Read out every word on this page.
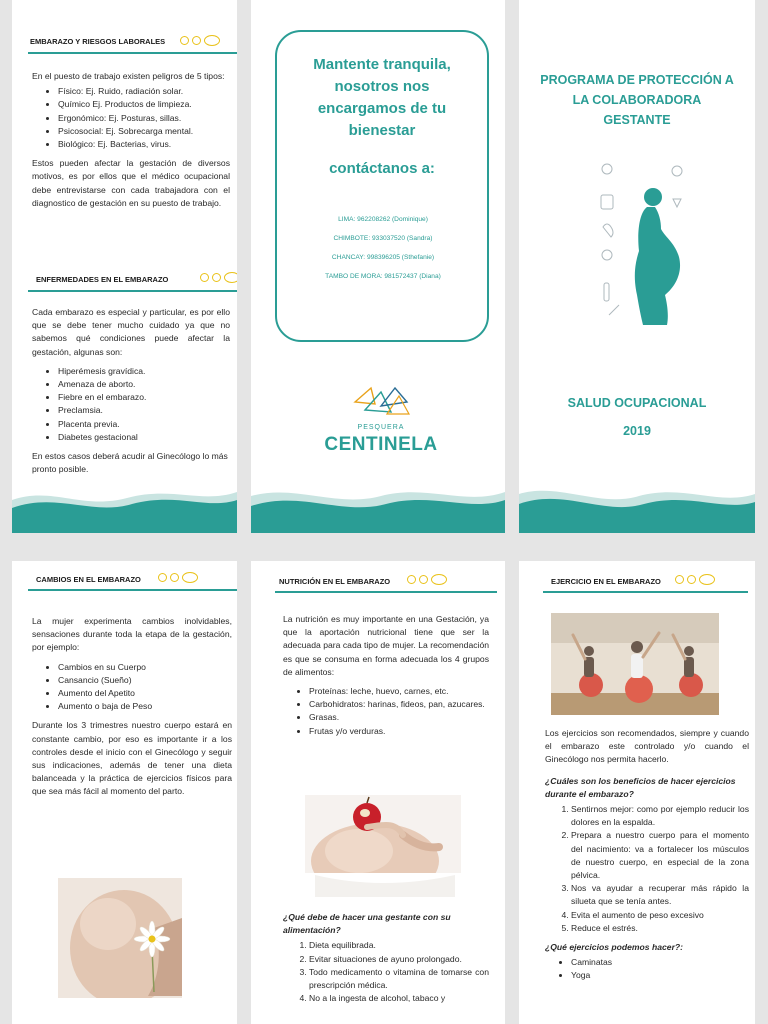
EMBARAZO Y RIESGOS LABORALES

En el puesto de trabajo existen peligros de 5 tipos:

• Físico: Ej. Ruido, radiación solar.
• Químico Ej. Productos de limpieza.
• Ergonómico: Ej. Posturas, sillas.
• Psicosocial: Ej. Sobrecarga mental.
• Biológico: Ej. Bacterias, virus.

Estos pueden afectar la gestación de diversos motivos, es por ellos que el médico ocupacional debe entrevistarse con cada trabajadora con el diagnostico de gestación en su puesto de trabajo.

ENFERMEDADES EN EL EMBARAZO

Cada embarazo es especial y particular, es por ello que se debe tener mucho cuidado ya que no sabemos qué condiciones puede afectar la gestación, algunas son:

• Hiperémesis gravídica.
• Amenaza de aborto.
• Fiebre en el embarazo.
• Preclamsia.
• Placenta previa.
• Diabetes gestacional

En estos casos deberá acudir al Ginecólogo lo más pronto posible.

Mantente tranquila, nosotros nos encargamos de tu bienestar
contáctanos a:
LIMA: 962208262 (Dominique)
CHIMBOTE: 933037520 (Sandra)
CHANCAY: 998396205 (Sthefanie)
TAMBO DE MORA: 981572437 (Diana)
PESQUERA
CENTINELA
PROGRAMA DE PROTECCIÓN A LA COLABORADORA GESTANTE
SALUD OCUPACIONAL
2019
CAMBIOS EN EL EMBARAZO

La mujer experimenta cambios inolvidables, sensaciones durante toda la etapa de la gestación, por ejemplo:

• Cambios en su Cuerpo
• Cansancio (Sueño)
• Aumento del Apetito
• Aumento o baja de Peso

Durante los 3 trimestres nuestro cuerpo estará en constante cambio, por eso es importante ir a los controles desde el inicio con el Ginecólogo y seguir sus indicaciones, además de tener una dieta balanceada y la práctica de ejercicios físicos para que sea más fácil al momento del parto.

NUTRICIÓN EN EL EMBARAZO

La nutrición es muy importante en una Gestación, ya que la aportación nutricional tiene que ser la adecuada para cada tipo de mujer. La recomendación es que se consuma en forma adecuada los 4 grupos de alimentos:

• Proteínas: leche, huevo, carnes, etc.
• Carbohidratos: harinas, fideos, pan, azucares.
• Grasas.
• Frutas y/o verduras.

¿Qué debe de hacer una gestante con su alimentación?

1. Dieta equilibrada.
2. Evitar situaciones de ayuno prolongado.
3. Todo medicamento o vitamina de tomarse con prescripción médica.
4. No a la ingesta de alcohol, tabaco y
EJERCICIO EN EL EMBARAZO

Los ejercicios son recomendados, siempre y cuando el embarazo este controlado y/o cuando el Ginecólogo nos permita hacerlo.

¿Cuáles son los beneficios de hacer ejercicios durante el embarazo?

1. Sentirnos mejor: como por ejemplo reducir los dolores en la espalda.
2. Prepara a nuestro cuerpo para el momento del nacimiento: va a fortalecer los músculos de nuestro cuerpo, en especial de la zona pélvica.
3. Nos va ayudar a recuperar más rápido la silueta que se tenía antes.
4. Evita el aumento de peso excesivo
5. Reduce el estrés.

¿Qué ejercicios podemos hacer?:

• Caminatas
• Yoga
